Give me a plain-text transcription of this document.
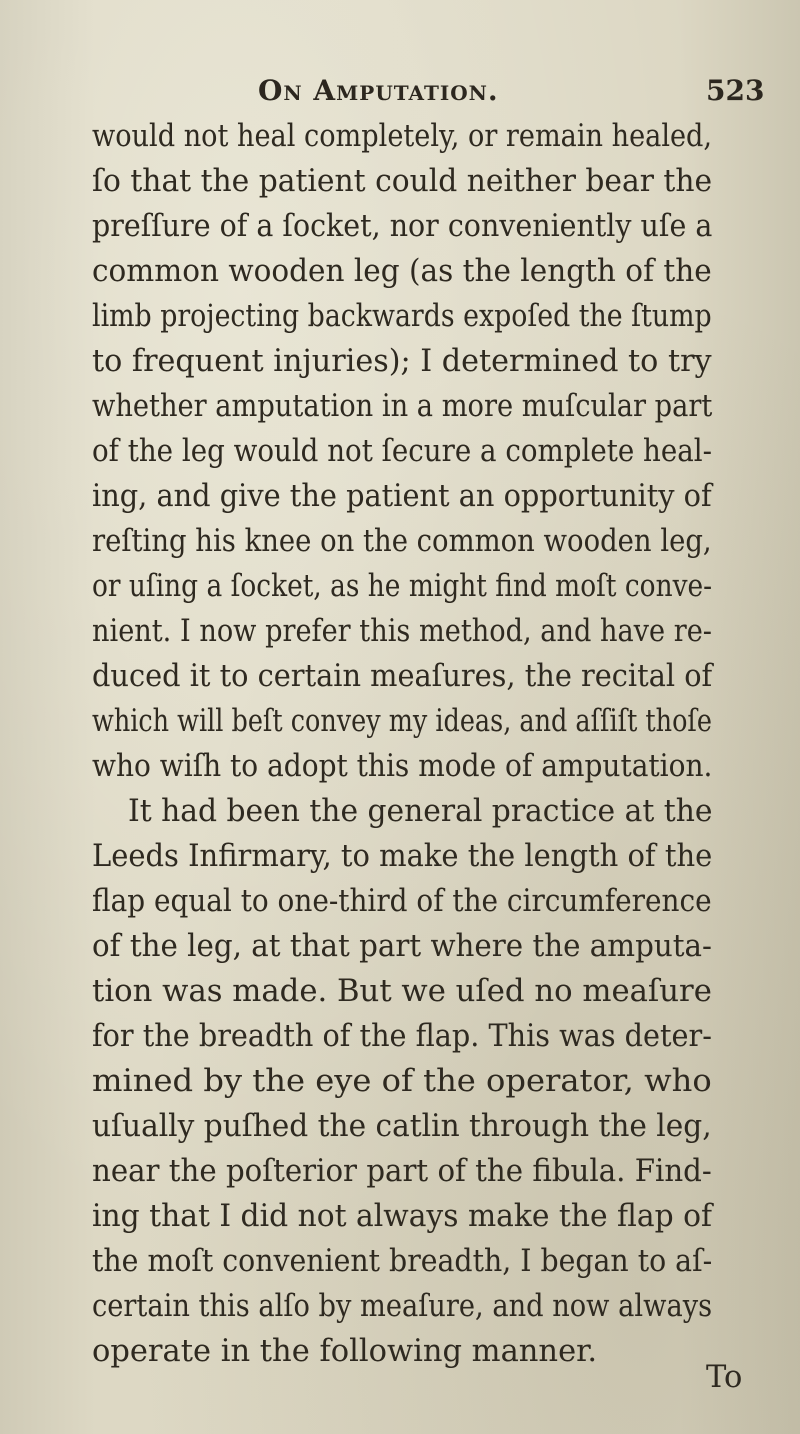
On Amputation.	523
would not heal completely, or remain healed,
ſo that the patient could neither bear the
preſſure of a ſocket, nor conveniently uſe a
common wooden leg (as the length of the
limb projecting backwards expoſed the ſtump
to frequent injuries); I determined to try
whether amputation in a more muſcular part
of the leg would not ſecure a complete heal-
ing, and give the patient an opportunity of
reſting his knee on the common wooden leg,
or uſing a ſocket, as he might find moſt conve-
nient. I now prefer this method, and have re-
duced it to certain meaſures, the recital of
which will beſt convey my ideas, and aſſiſt thoſe
who wiſh to adopt this mode of amputation.
It had been the general practice at the
Leeds Infirmary, to make the length of the
flap equal to one-third of the circumference
of the leg, at that part where the amputa-
tion was made. But we uſed no meaſure
for the breadth of the flap. This was deter-
mined by the eye of the operator, who
uſually puſhed the catlin through the leg,
near the poſterior part of the fibula. Find-
ing that I did not always make the flap of
the moſt convenient breadth, I began to aſ-
certain this alſo by meaſure, and now always
operate in the following manner.
To
